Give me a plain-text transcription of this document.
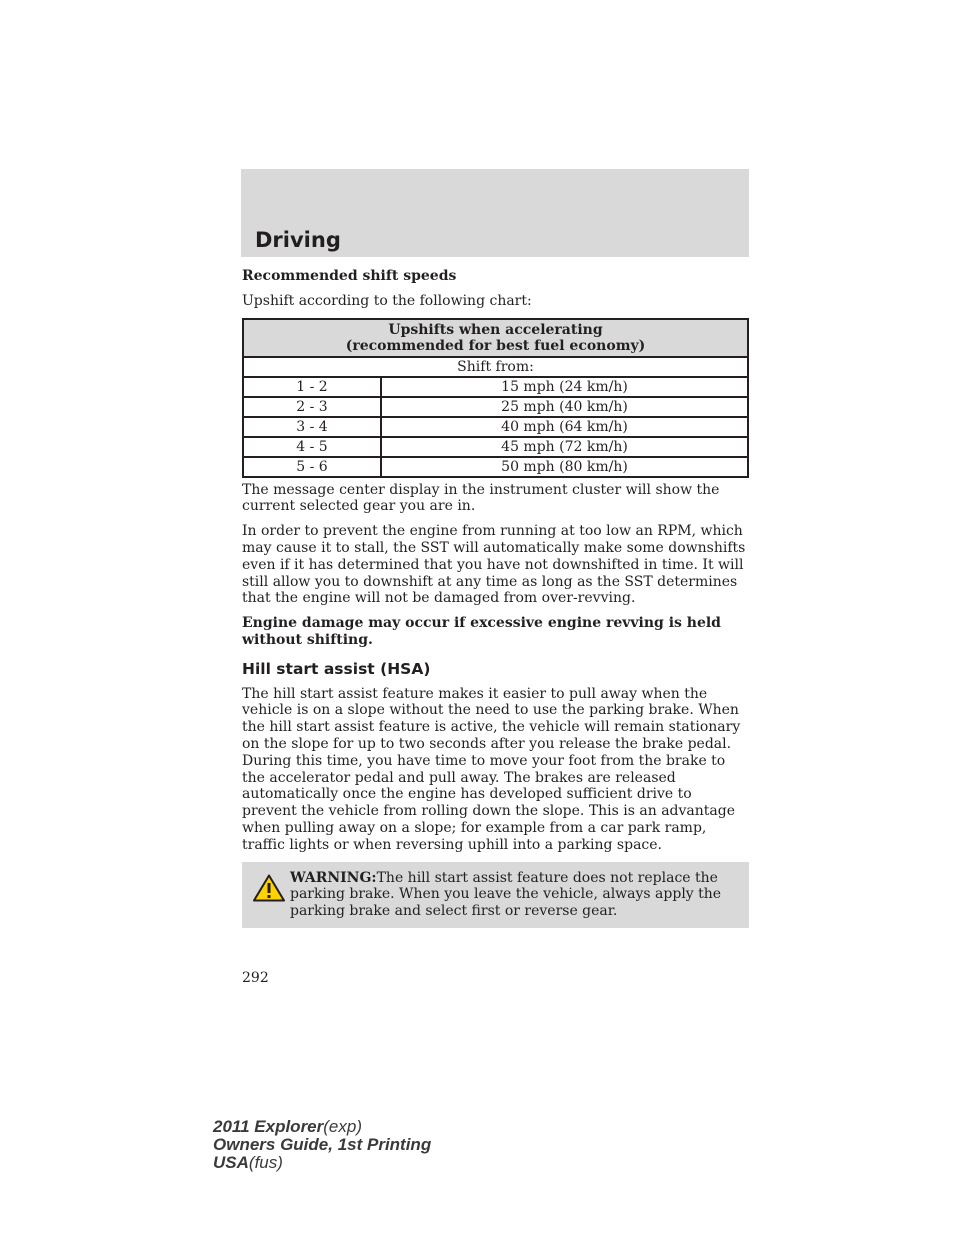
Driving

Recommended shift speeds

Upshift according to the following chart:

Upshifts when accelerating
(recommended for best fuel economy)	
Shift from:	
1 - 2	15 mph (24 km/h)
2 - 3	25 mph (40 km/h)
3 - 4	40 mph (64 km/h)
4 - 5	45 mph (72 km/h)
5 - 6	50 mph (80 km/h)

The message center display in the instrument cluster will show the current selected gear you are in.

In order to prevent the engine from running at too low an RPM, which may cause it to stall, the SST will automatically make some downshifts even if it has determined that you have not downshifted in time. It will still allow you to downshift at any time as long as the SST determines that the engine will not be damaged from over-revving.

Engine damage may occur if excessive engine revving is held without shifting.

Hill start assist (HSA)

The hill start assist feature makes it easier to pull away when the vehicle is on a slope without the need to use the parking brake. When the hill start assist feature is active, the vehicle will remain stationary on the slope for up to two seconds after you release the brake pedal. During this time, you have time to move your foot from the brake to the accelerator pedal and pull away. The brakes are released automatically once the engine has developed sufficient drive to prevent the vehicle from rolling down the slope. This is an advantage when pulling away on a slope; for example from a car park ramp, traffic lights or when reversing uphill into a parking space.

WARNING:The hill start assist feature does not replace the parking brake. When you leave the vehicle, always apply the parking brake and select first or reverse gear.
292
2011 Explorer(exp)
Owners Guide, 1st Printing
USA(fus)
